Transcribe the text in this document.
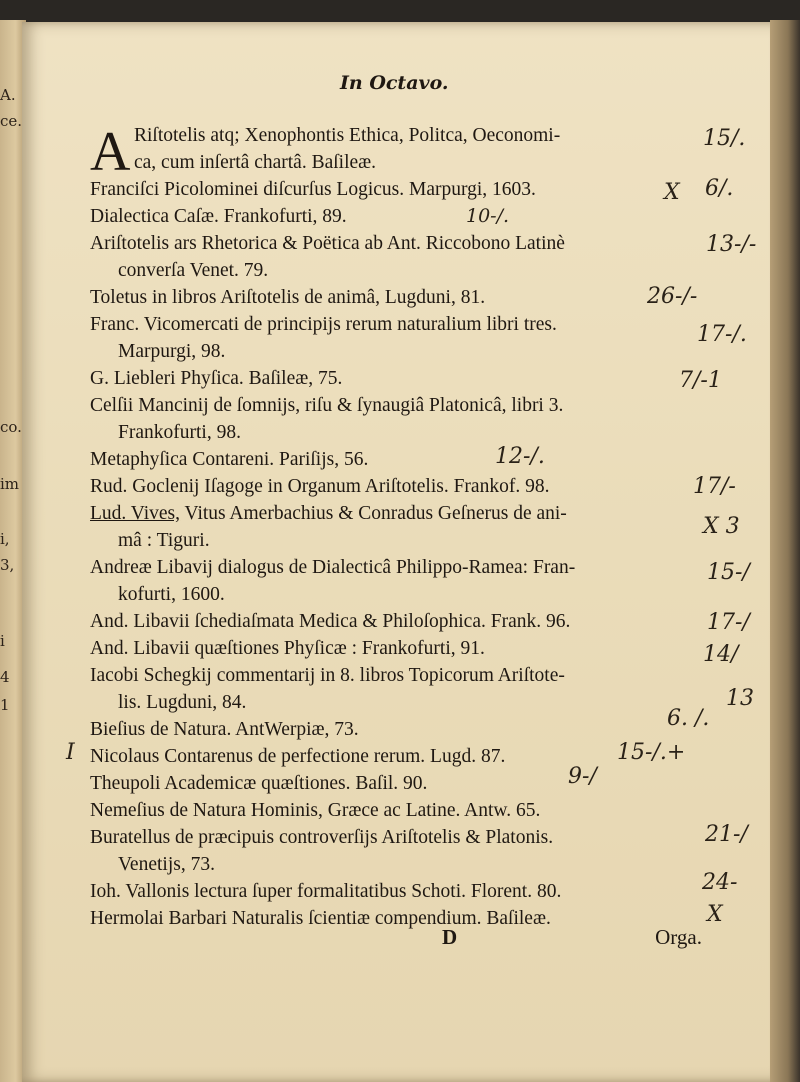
A.
ce.
co.
im
i,
3,
i
4
1
In Octavo.
A Riſtotelis atq; Xenophontis Ethica, Politca, Oeconomi-
ca, cum inſertâ chartâ. Baſileæ.
Franciſci Picolominei diſcurſus Logicus. Marpurgi, 1603.
Dialectica Caſæ. Frankofurti, 89.
Ariſtotelis ars Rhetorica & Poëtica ab Ant. Riccobono Latinè
converſa Venet. 79.
Toletus in libros Ariſtotelis de animâ, Lugduni, 81.
Franc. Vicomercati de principijs rerum naturalium libri tres.
Marpurgi, 98.
G. Liebleri Phyſica. Baſileæ, 75.
Celſii Mancinij de ſomnijs, riſu & ſynaugiâ Platonicâ, libri 3.
Frankofurti, 98.
Metaphyſica Contareni. Pariſijs, 56.
Rud. Goclenij Iſagoge in Organum Ariſtotelis. Frankof. 98.
Lud. Vives, Vitus Amerbachius & Conradus Geſnerus de ani-
mâ : Tiguri.
Andreæ Libavij dialogus de Dialecticâ Philippo-Ramea: Fran-
kofurti, 1600.
And. Libavii ſchediaſmata Medica & Philoſophica. Frank. 96.
And. Libavii quæſtiones Phyſicæ : Frankofurti, 91.
Iacobi Schegkij commentarij in 8. libros Topicorum Ariſtote-
lis. Lugduni, 84.
Bieſius de Natura. AntWerpiæ, 73.
Nicolaus Contarenus de perfectione rerum. Lugd. 87.
Theupoli Academicæ quæſtiones. Baſil. 90.
Nemeſius de Natura Hominis, Græce ac Latine. Antw. 65.
Buratellus de præcipuis controverſijs Ariſtotelis & Platonis.
Venetijs, 73.
Ioh. Vallonis lectura ſuper formalitatibus Schoti. Florent. 80.
Hermolai Barbari Naturalis ſcientiæ compendium. Baſileæ.
D	Orga.
15/.
X 6/.
10-/.
13-/-
26-/-
17-/.
7/-1
12-/.
17/-
X 3
15-/
17-/
14/
13
6. /.
15-/.+
9-/
21-/
24-
X
I
